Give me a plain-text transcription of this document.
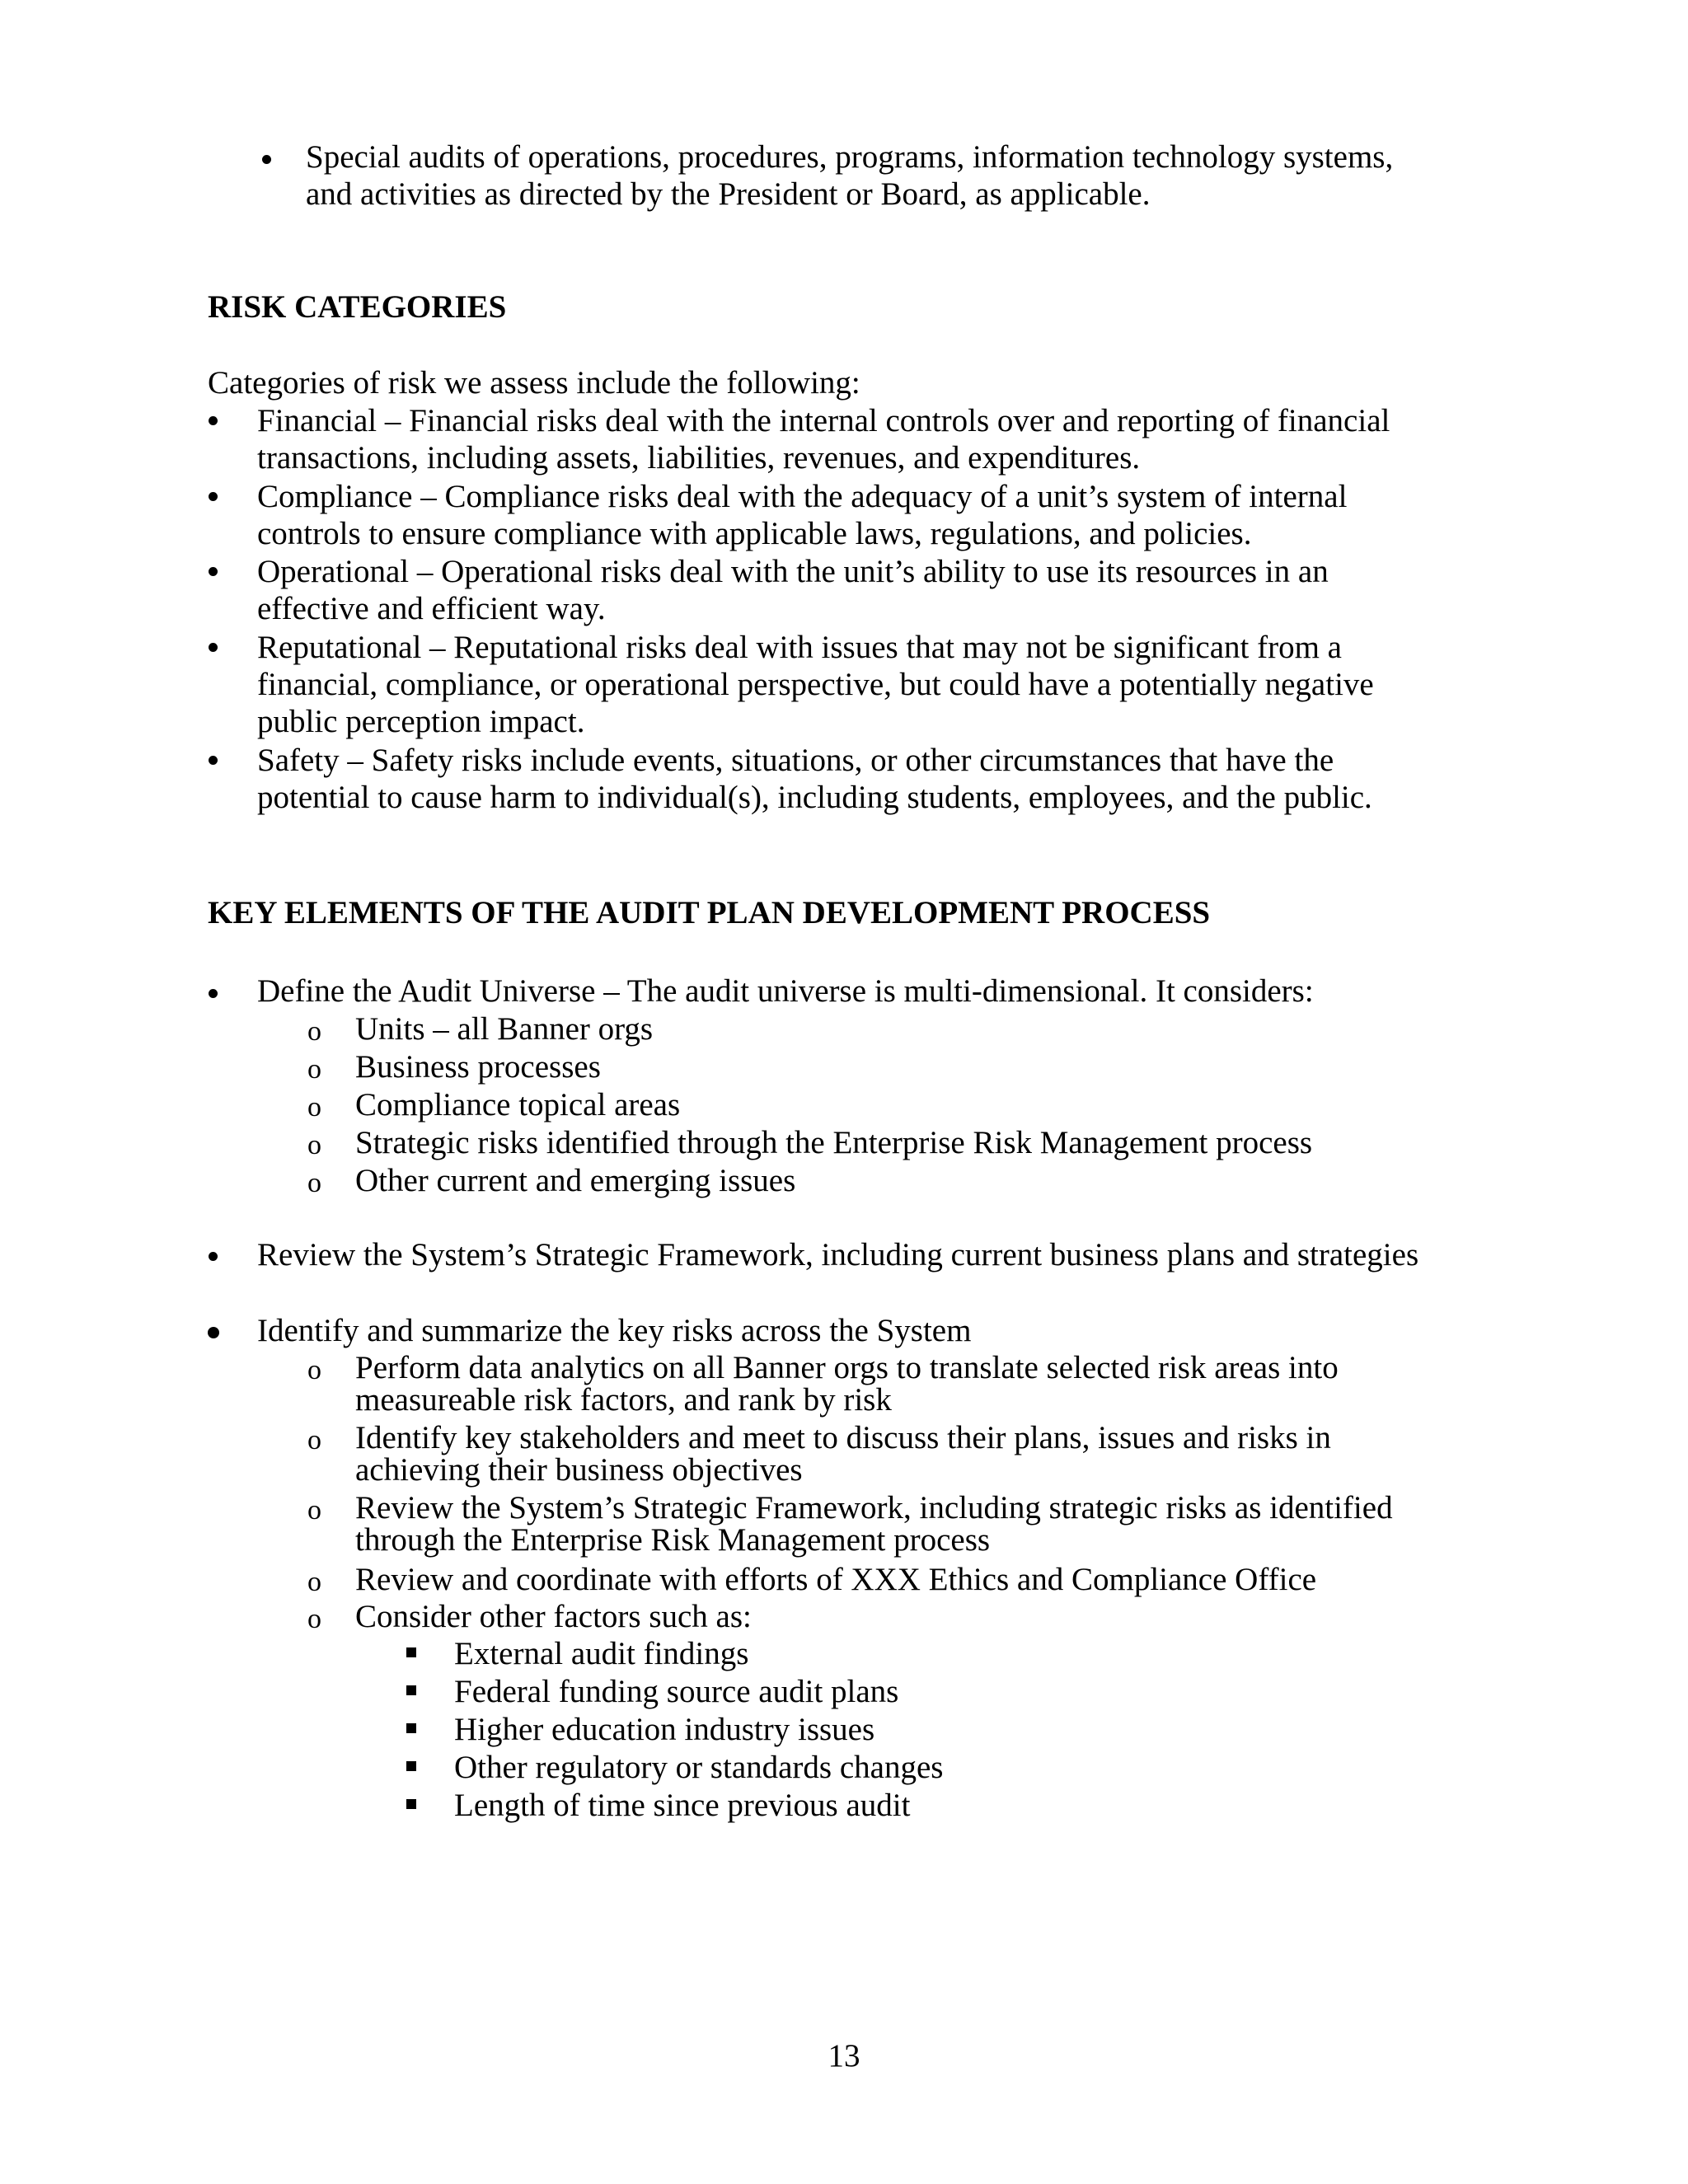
Special audits of operations, procedures, programs, information technology systems,
and activities as directed by the President or Board, as applicable.
RISK CATEGORIES
Categories of risk we assess include the following:
Financial – Financial risks deal with the internal controls over and reporting of financial
transactions, including assets, liabilities, revenues, and expenditures.
Compliance – Compliance risks deal with the adequacy of a unit’s system of internal
controls to ensure compliance with applicable laws, regulations, and policies.
Operational – Operational risks deal with the unit’s ability to use its resources in an
effective and efficient way.
Reputational – Reputational risks deal with issues that may not be significant from a
financial, compliance, or operational perspective, but could have a potentially negative
public perception impact.
Safety – Safety risks include events, situations, or other circumstances that have the
potential to cause harm to individual(s), including students, employees, and the public.
KEY ELEMENTS OF THE AUDIT PLAN DEVELOPMENT PROCESS
Define the Audit Universe – The audit universe is multi-dimensional. It considers:
o Units – all Banner orgs
o Business processes
o Compliance topical areas
o Strategic risks identified through the Enterprise Risk Management process
o Other current and emerging issues
Review the System’s Strategic Framework, including current business plans and strategies
Identify and summarize the key risks across the System
o Perform data analytics on all Banner orgs to translate selected risk areas into
measureable risk factors, and rank by risk
o Identify key stakeholders and meet to discuss their plans, issues and risks in
achieving their business objectives
o Review the System’s Strategic Framework, including strategic risks as identified
through the Enterprise Risk Management process
o Review and coordinate with efforts of XXX Ethics and Compliance Office
o Consider other factors such as:
External audit findings
Federal funding source audit plans
Higher education industry issues
Other regulatory or standards changes
Length of time since previous audit
13
